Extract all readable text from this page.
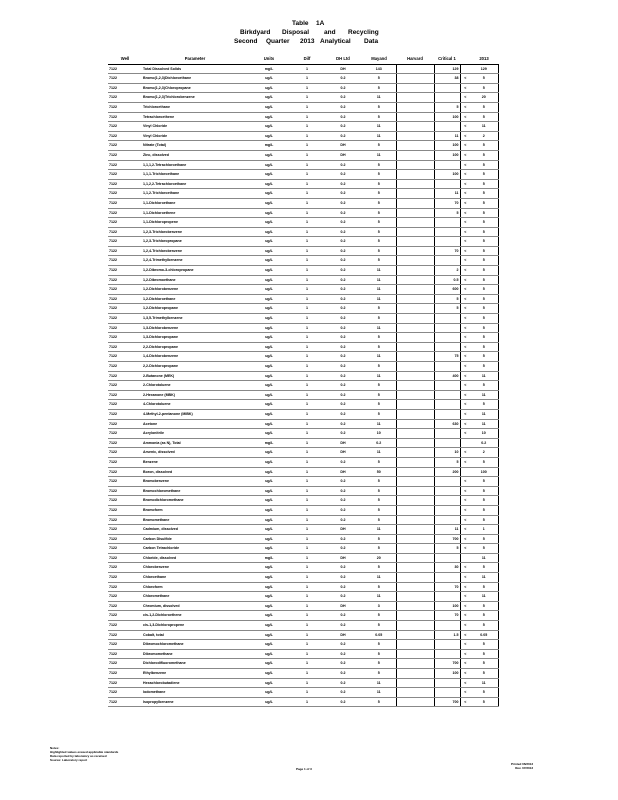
Table 1A
Birkdyard Disposal and Recycling
Second Quarter 2013 Analytical Data
Well	Parameter	Units	Dilf	DH Ltd	Mayand	Harvard	Critical 1		2013
7122	Total Dissolved Solids	mg/L	1	DH	143		129		129
7122	Bromo(1,2,3)Dichloroethane	ug/L	1	0.2	5		38	<	5
7122	Bromo(1,2,3)Chloropropane	ug/L	1	0.2	5			<	5
7122	Bromo(1,2,3)Trichlorobenzene	ug/L	1	0.2	11			<	20
7122	Trichloroethane	ug/L	1	0.2	5		5	<	5
7122	Tetrachloroethene	ug/L	1	0.2	5		100	<	5
7122	Vinyl Chloride	ug/L	1	0.2	11			<	11
7122	Vinyl Chloride	ug/L	1	0.2	11		11	<	2
7122	Nitrate (Total)	mg/L	1	DH	5		100	<	5
7122	Zinc, dissolved	ug/L	1	DH	11		100	<	5
7122	1,1,1,2-Tetrachloroethane	ug/L	1	0.2	5			<	5
7122	1,1,1-Trichloroethane	ug/L	1	0.2	5		100	<	5
7122	1,1,2,2-Tetrachloroethane	ug/L	1	0.2	5			<	5
7122	1,1,2-Trichloroethane	ug/L	1	0.2	5		11	<	5
7122	1,1-Dichloroethane	ug/L	1	0.2	5		70	<	5
7122	1,1-Dichloroethene	ug/L	1	0.2	5		5	<	5
7122	1,1-Dichloropropene	ug/L	1	0.2	5			<	5
7122	1,2,3-Trichlorobenzene	ug/L	1	0.2	5			<	5
7122	1,2,3-Trichloropropane	ug/L	1	0.2	5			<	5
7122	1,2,4-Trichlorobenzene	ug/L	1	0.2	5		70	<	5
7122	1,2,4-Trimethylbenzene	ug/L	1	0.2	5			<	5
7122	1,2-Dibromo-3-chloropropane	ug/L	1	0.2	11		2	<	5
7122	1,2-Dibromoethane	ug/L	1	0.2	11		0.5	<	5
7122	1,2-Dichlorobenzene	ug/L	1	0.2	11		600	<	5
7122	1,2-Dichloroethane	ug/L	1	0.2	11		5	<	5
7122	1,2-Dichloropropane	ug/L	1	0.2	5		5	<	5
7122	1,3,5-Trimethylbenzene	ug/L	1	0.2	5			<	5
7122	1,3-Dichlorobenzene	ug/L	1	0.2	11			<	5
7122	1,3-Dichloropropane	ug/L	1	0.2	5			<	5
7122	2,2-Dichloropropane	ug/L	1	0.2	5			<	5
7122	1,4-Dichlorobenzene	ug/L	1	0.2	11		75	<	5
7122	2,2-Dichloropropane	ug/L	1	0.2	5			<	5
7122	2-Butanone (MEK)	ug/L	1	0.2	11		400	<	11
7122	2-Chlorotoluene	ug/L	1	0.2	5			<	5
7122	2-Hexanone (MBK)	ug/L	1	0.2	5			<	11
7122	4-Chlorotoluene	ug/L	1	0.2	5			<	5
7122	4-Methyl-2-pentanone (MIBK)	ug/L	1	0.2	5			<	11
7122	Acetone	ug/L	1	0.2	11		630	<	11
7122	Acrylonitrile	ug/L	1	0.2	10			<	10
7122	Ammonia (as N), Total	mg/L	1	DH	0.2				0.2
7122	Arsenic, dissolved	ug/L	1	DH	11		10	<	2
7122	Benzene	ug/L	1	0.2	5		5	<	5
7122	Boron, dissolved	ug/L	1	DH	50		200		100
7122	Bromobenzene	ug/L	1	0.2	5			<	5
7122	Bromochloromethane	ug/L	1	0.2	5			<	5
7122	Bromodichloromethane	ug/L	1	0.2	5			<	5
7122	Bromoform	ug/L	1	0.2	5			<	5
7122	Bromomethane	ug/L	1	0.2	5			<	5
7122	Cadmium, dissolved	ug/L	1	DH	11		11	<	1
7122	Carbon Disulfide	ug/L	1	0.2	5		700	<	5
7122	Carbon Tetrachloride	ug/L	1	0.2	5		5	<	5
7122	Chloride, dissolved	mg/L	1	DH	20				11
7122	Chlorobenzene	ug/L	1	0.2	5		30	<	5
7122	Chloroethane	ug/L	1	0.2	11			<	11
7122	Chloroform	ug/L	1	0.2	5		70	<	5
7122	Chloromethane	ug/L	1	0.2	11			<	11
7122	Chromium, dissolved	ug/L	1	DH	3		100	<	5
7122	cis-1,2-Dichloroethene	ug/L	1	0.2	5		70	<	5
7122	cis-1,3-Dichloropropene	ug/L	1	0.2	5			<	5
7122	Cobalt, total	ug/L	1	DH	0.05		1.5	<	0.05
7122	Dibromochloromethane	ug/L	1	0.2	5			<	5
7122	Dibromomethane	ug/L	1	0.2	5			<	5
7122	Dichlorodifluoromethane	ug/L	1	0.2	5		700	<	5
7122	Ethylbenzene	ug/L	1	0.2	5		100	<	5
7122	Hexachlorobutadiene	ug/L	1	0.2	11			<	11
7122	Iodomethane	ug/L	1	0.2	11			<	5
7122	Isopropylbenzene	ug/L	1	0.2	5		700	<	5
Notes:
Highlighted values exceed applicable standards
Data reported by laboratory as received
Source: Laboratory report
Page 1 of 3
Printed 06/2013
Rev. 07/2013
